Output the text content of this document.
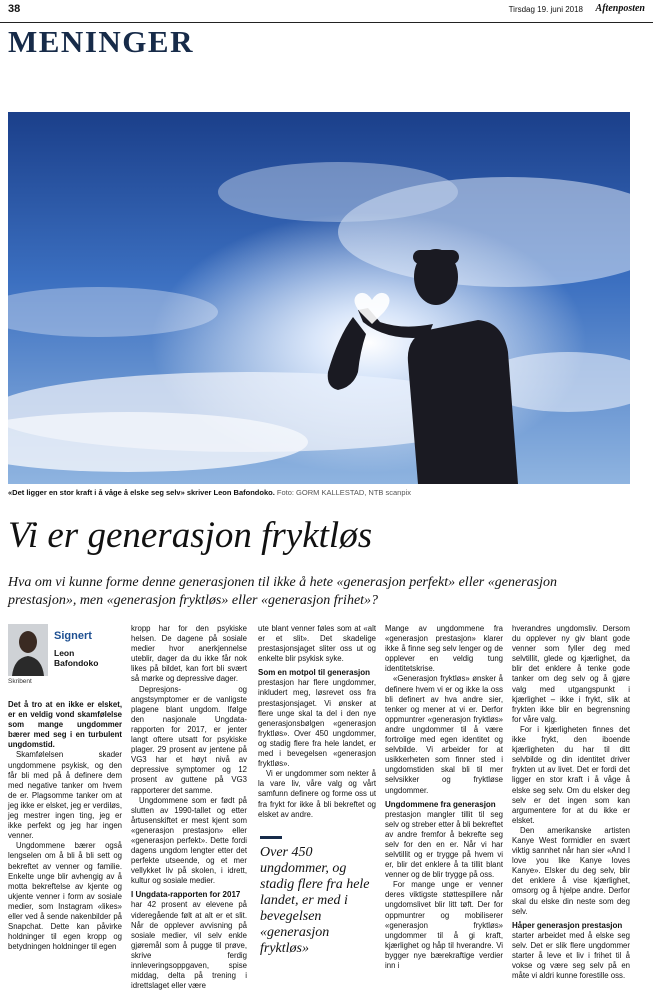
38	Tirsdag 19. juni 2018 Aftenposten
MENINGER
«Det ligger en stor kraft i å våge å elske seg selv» skriver Leon Bafondoko. Foto: GORM KALLESTAD, NTB scanpix
Vi er generasjon fryktløs
Hva om vi kunne forme denne generasjonen til ikke å hete «generasjon perfekt» eller «generasjon prestasjon», men «generasjon fryktløs» eller «generasjon frihet»?
Signert
Leon Bafondoko
Skribent

Det å tro at en ikke er elsket, er en veldig vond skamfølelse som mange ungdommer bærer med seg i en turbulent ungdomstid.

Skamfølelsen skader ungdommene psykisk, og den får bli med på å definere dem med negative tanker om hvem de er. Plagsomme tanker om at jeg ikke er elsket, jeg er verdiløs, jeg mestrer ingen ting, jeg er ikke perfekt og jeg har ingen venner.

Ungdommene bærer også lengselen om å bli å bli sett og bekreftet av venner og familie. Enkelte unge blir avhengig av å motta bekreftelse av kjente og ukjente venner i form av sosiale medier, som Instagram «likes» eller ved å sende nakenbilder på Snapchat. Dette kan påvirke holdninger til egen kropp og betydningen holdninger til egen

kropp har for den psykiske helsen. De dagene på sosiale medier hvor anerkjennelse uteblir, dager da du ikke får nok likes på bildet, kan fort bli svært så mørke og depressive dager.

Depresjons- og angstsymptomer er de vanligste plagene blant ungdom. Ifølge den nasjonale Ungdata-rapporten for 2017, er jenter langt oftere utsatt for psykiske plager. 29 prosent av jentene på VG3 har et høyt nivå av depressive symptomer og 12 prosent av guttene på VG3 rapporterer det samme.

Ungdommene som er født på slutten av 1990-tallet og etter årtusenskiftet er mest kjent som «generasjon prestasjon» eller «generasjon perfekt». Dette fordi dagens ungdom lengter etter det perfekte utseende, og et mer vellykket liv på skolen, i idrett, kultur og sosiale medier.

I Ungdata-rapporten for 2017

har 42 prosent av elevene på videregående følt at alt er et slit. Når de opplever avvisning på sosiale medier, vil selv enkle gjøremål som å pugge til prøve, skrive ferdig innleveringsoppgaven, spise middag, delta på trening i idrettslaget eller være

ute blant venner føles som at «alt er et slit». Det skadelige prestasjonsjaget sliter oss ut og enkelte blir psykisk syke.

Som en motpol til generasjon

prestasjon har flere ungdommer, inkludert meg, løsrevet oss fra prestasjonsjaget. Vi ønsker at flere unge skal ta del i den nye generasjonsbølgen «generasjon fryktløs». Over 450 ungdommer, og stadig flere fra hele landet, er med i bevegelsen «generasjon fryktløs».

Vi er ungdommer som nekter å la vare liv, våre valg og vårt samfunn definere og forme oss ut fra frykt for ikke å bli bekreftet og elsket av andre.

Over 450 ungdommer, og stadig flere fra hele landet, er med i bevegelsen «generasjon fryktløs»

Mange av ungdommene fra «generasjon prestasjon» klarer ikke å finne seg selv lenger og de opplever en veldig tung identitetskrise.

«Generasjon fryktløs» ønsker å definere hvem vi er og ikke la oss bli definert av hva andre sier, tenker og mener at vi er. Derfor oppmuntrer «generasjon fryktløs» andre ungdommer til å være fortrolige med egen identitet og selvbilde. Vi arbeider for at usikkerheten som finner sted i ungdomstiden skal bli til mer selvsikker og fryktløse ungdommer.

Ungdommene fra generasjon

prestasjon mangler tillit til seg selv og streber etter å bli bekreftet av andre fremfor å bekrefte seg selv for den en er. Når vi har selvtillit og er trygge på hvem vi er, blir det enklere å ta tillit blant venner og de blir trygge på oss.

For mange unge er venner deres viktigste støttespillere når ungdomslivet blir litt tøft. Der for oppmuntrer og mobiliserer «generasjon fryktløs» ungdommer til å gi kraft, kjærlighet og håp til hverandre. Vi bygger nye bærekraftige verdier inn i

hverandres ungdomsliv. Dersom du opplever ny giv blant gode venner som fyller deg med selvtillit, glede og kjærlighet, da blir det enklere å tenke gode tanker om deg selv og å gjøre valg med utgangspunkt i kjærlighet – ikke i frykt, slik at frykten ikke blir en begrensning for våre valg.

For i kjærligheten finnes det ikke frykt, den iboende kjærligheten du har til ditt selvbilde og din identitet driver frykten ut av livet. Det er fordi det ligger en stor kraft i å våge å elske seg selv. Om du elsker deg selv er det ingen som kan argumentere for at du ikke er elsket.

Den amerikanske artisten Kanye West formidler en svært viktig sannhet når han sier «And I love you like Kanye loves Kanye». Elsker du deg selv, blir det enklere å vise kjærlighet, omsorg og å hjelpe andre. Derfor skal du elske din neste som deg selv.

Håper generasjon prestasjon

starter arbeidet med å elske seg selv. Det er slik flere ungdommer starter å leve et liv i frihet til å vokse og være seg selv på en måte vi aldri kunne forestille oss.
